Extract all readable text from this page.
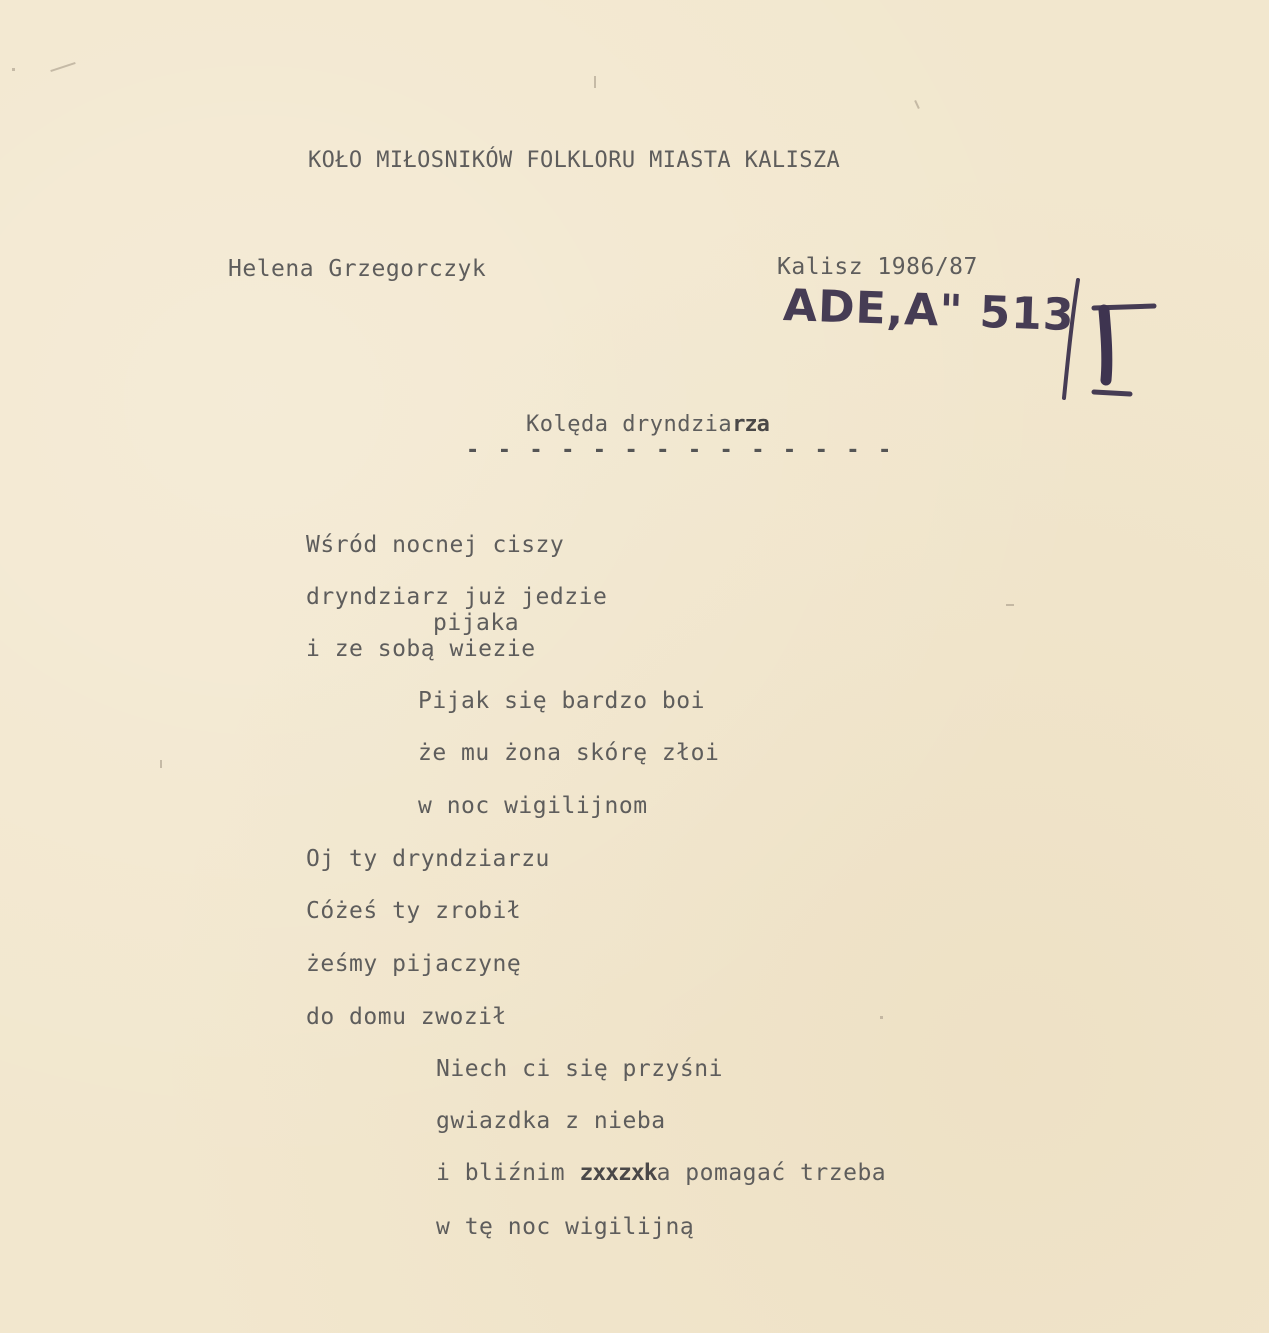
KOŁO MIŁOSNIKÓW FOLKLORU MIASTA KALISZA
Helena Grzegorczyk	Kalisz 1986/87
ADE,A" 513
Kolęda dryndziarza
- - - - - - - - - - - - - -
Wśród nocnej ciszy
dryndziarz już jedzie
pijaka
i ze sobą wiezie
Pijak się bardzo boi
że mu żona skórę złoi
w noc wigilijnom
Oj ty dryndziarzu
Cóżeś ty zrobił
żeśmy pijaczynę
do domu zwoził
Niech ci się przyśni
gwiazdka z nieba
i bliźnim zxxzxka pomagać trzeba
w tę noc wigilijną
